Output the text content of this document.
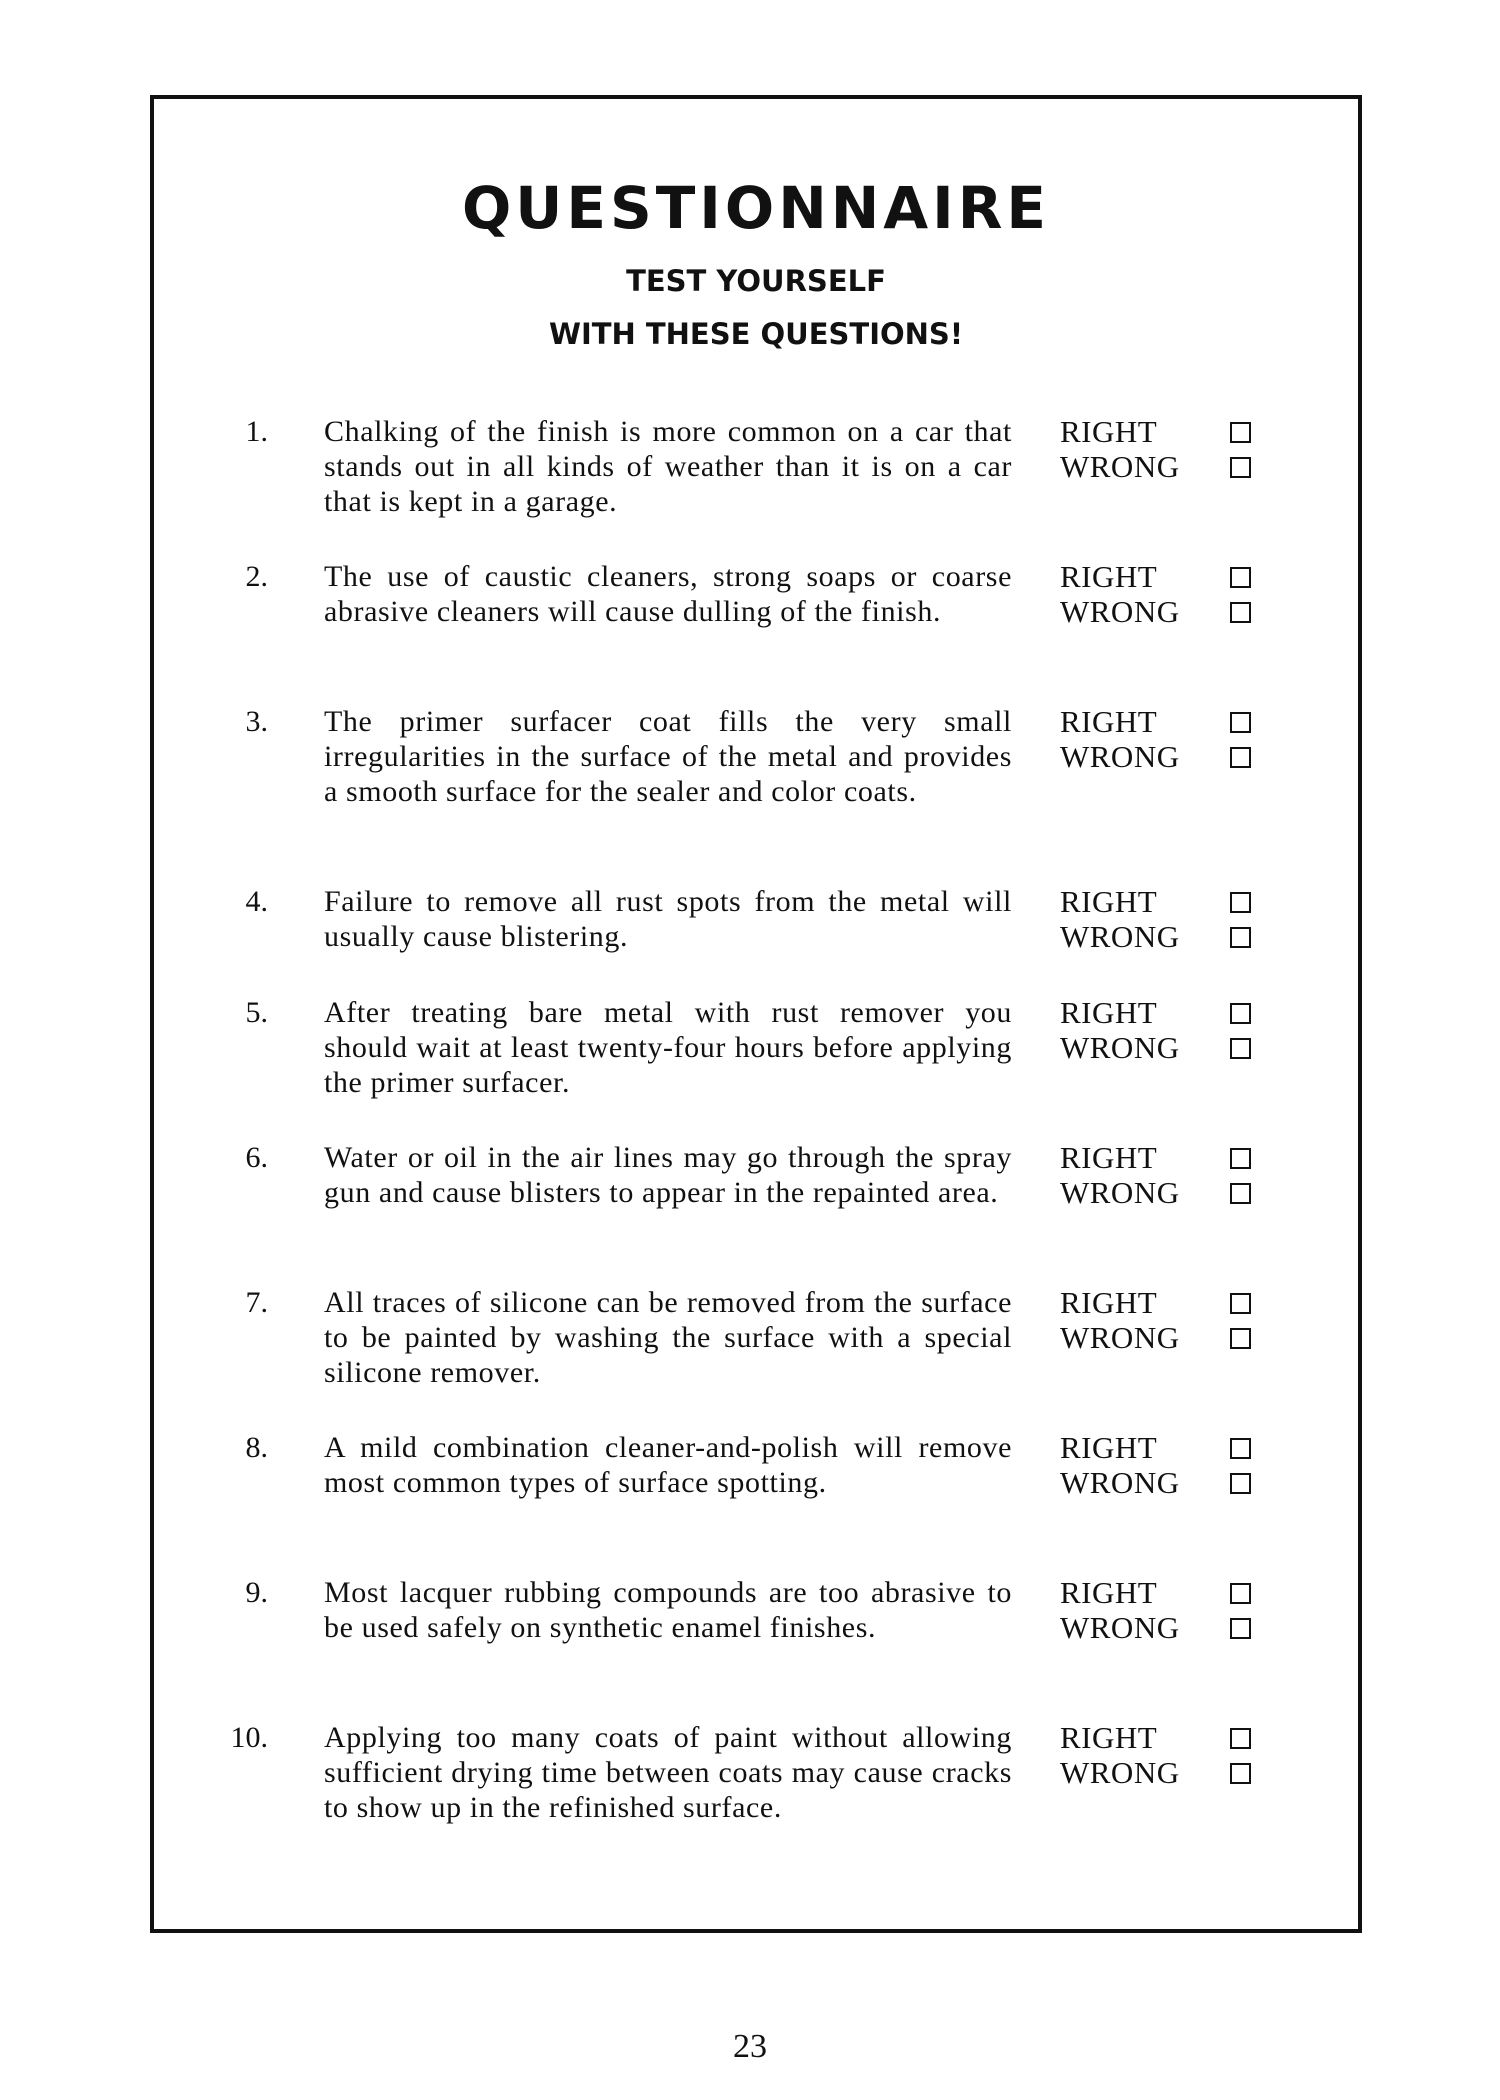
QUESTIONNAIRE

TEST YOURSELF

WITH THESE QUESTIONS!

1. Chalking of the finish is more common on a car that stands out in all kinds of weather than it is on a car that is kept in a garage.

RIGHT
WRONG
2. The use of caustic cleaners, strong soaps or coarse abrasive cleaners will cause dulling of the finish.

RIGHT
WRONG
3. The primer surfacer coat fills the very small irregularities in the surface of the metal and provides a smooth surface for the sealer and color coats.

RIGHT
WRONG
4. Failure to remove all rust spots from the metal will usually cause blistering.

RIGHT
WRONG
5. After treating bare metal with rust remover you should wait at least twenty-four hours before applying the primer surfacer.

RIGHT
WRONG
6. Water or oil in the air lines may go through the spray gun and cause blisters to appear in the repainted area.

RIGHT
WRONG
7. All traces of silicone can be removed from the surface to be painted by washing the surface with a special silicone remover.

RIGHT
WRONG
8. A mild combination cleaner-and-polish will remove most common types of surface spotting.

RIGHT
WRONG
9. Most lacquer rubbing compounds are too abrasive to be used safely on synthetic enamel finishes.

RIGHT
WRONG
10. Applying too many coats of paint without allowing sufficient drying time between coats may cause cracks to show up in the refinished surface.

RIGHT
WRONG

23
